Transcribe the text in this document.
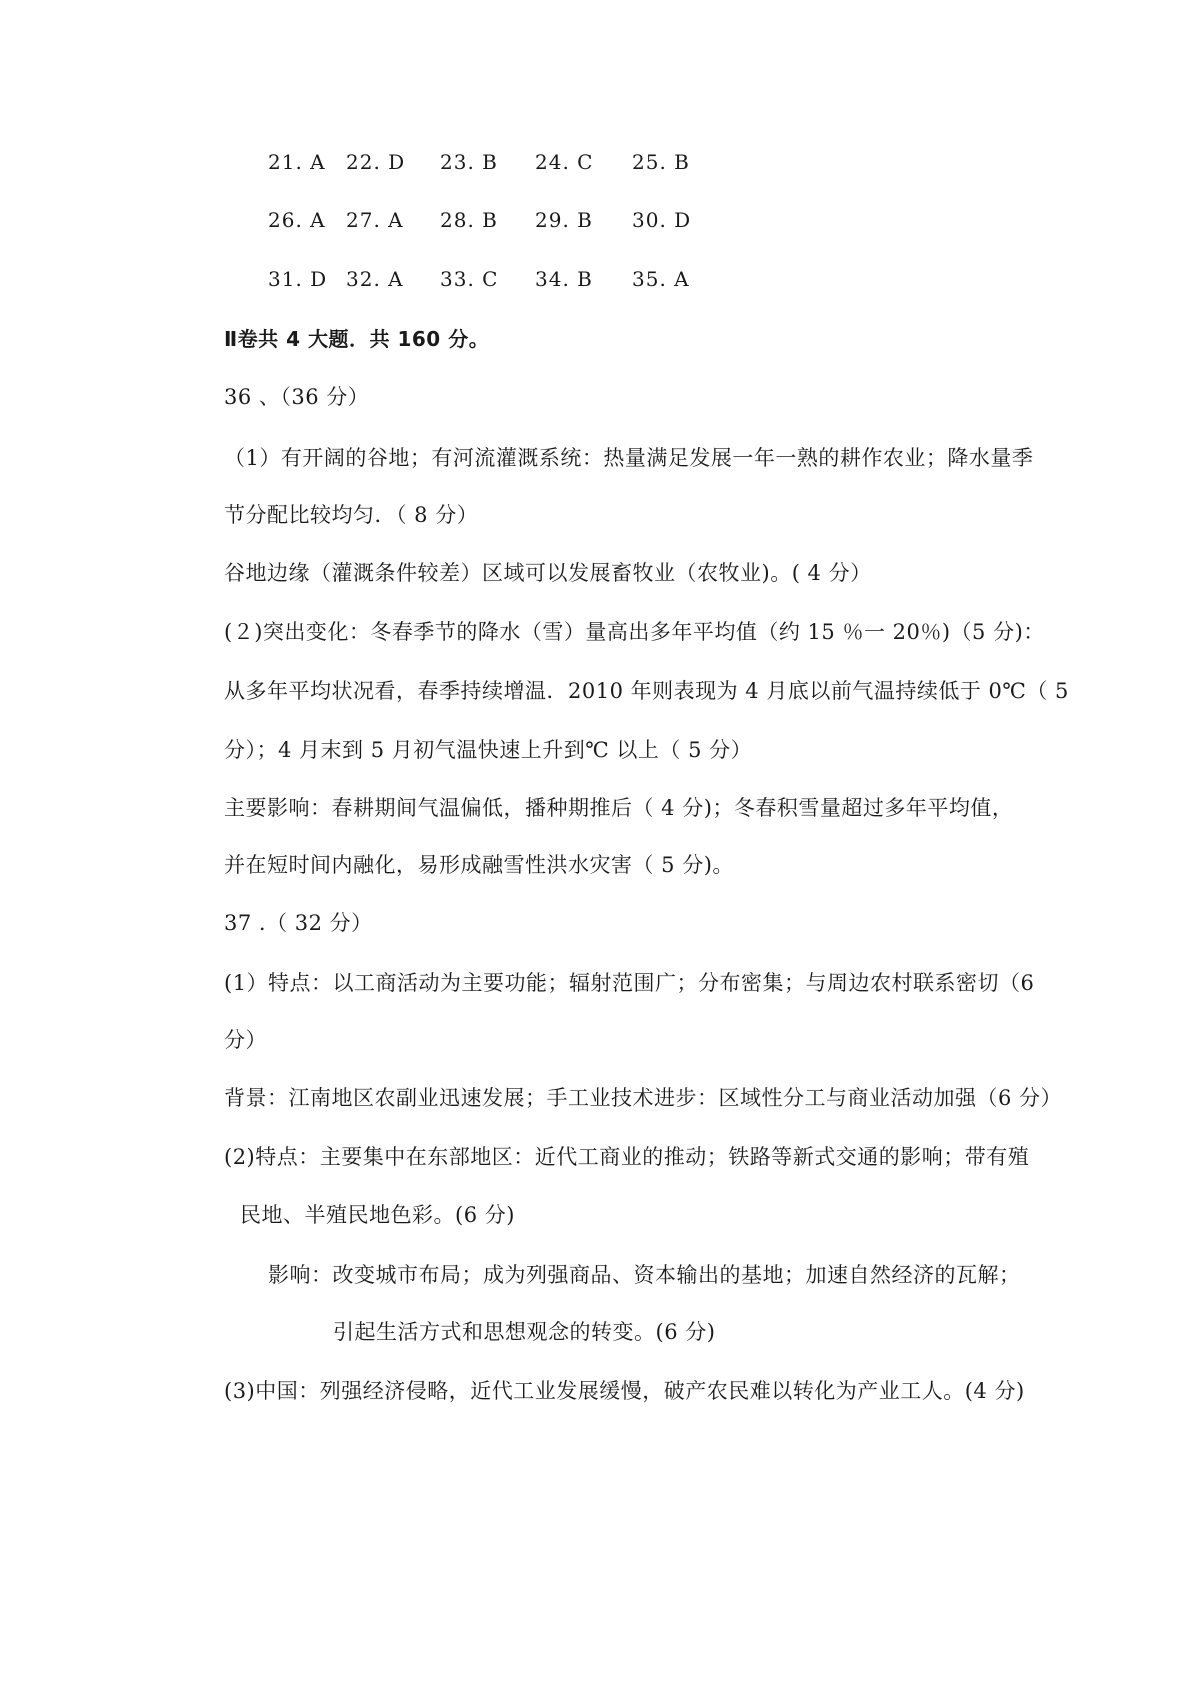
21. A 22. D 23. B 24. C 25. B
26. A 27. A 28. B 29. B 30. D
31. D 32. A 33. C 34. B 35. A
Ⅱ卷共 4 大题．共 160 分。
36 、（36 分）
（1）有开阔的谷地；有河流灌溉系统：热量满足发展一年一熟的耕作农业；降水量季
节分配比较均匀．（ 8 分）
谷地边缘（灌溉条件较差）区域可以发展畜牧业（农牧业)。( 4 分）
(２)突出变化：冬春季节的降水（雪）量高出多年平均值（约 15 ％一 20％)（5 分)：
从多年平均状况看，春季持续增温．2010 年则表现为 4 月底以前气温持续低于 0℃（ 5
分）；4 月末到 5 月初气温快速上升到℃ 以上（ 5 分）
主要影响：春耕期间气温偏低，播种期推后（ 4 分)；冬春积雪量超过多年平均值，
并在短时间内融化，易形成融雪性洪水灾害（ 5 分)。
37 .（ 32 分）
(1）特点：以工商活动为主要功能；辐射范围广；分布密集；与周边农村联系密切（6
分）
背景：江南地区农副业迅速发展；手工业技术进步：区域性分工与商业活动加强（6 分）
(2)特点：主要集中在东部地区：近代工商业的推动；铁路等新式交通的影响；带有殖
民地、半殖民地色彩。(6 分)
影响：改变城市布局；成为列强商品、资本输出的基地；加速自然经济的瓦解；
引起生活方式和思想观念的转变。(6 分)
(3)中国：列强经济侵略，近代工业发展缓慢，破产农民难以转化为产业工人。(4 分)
